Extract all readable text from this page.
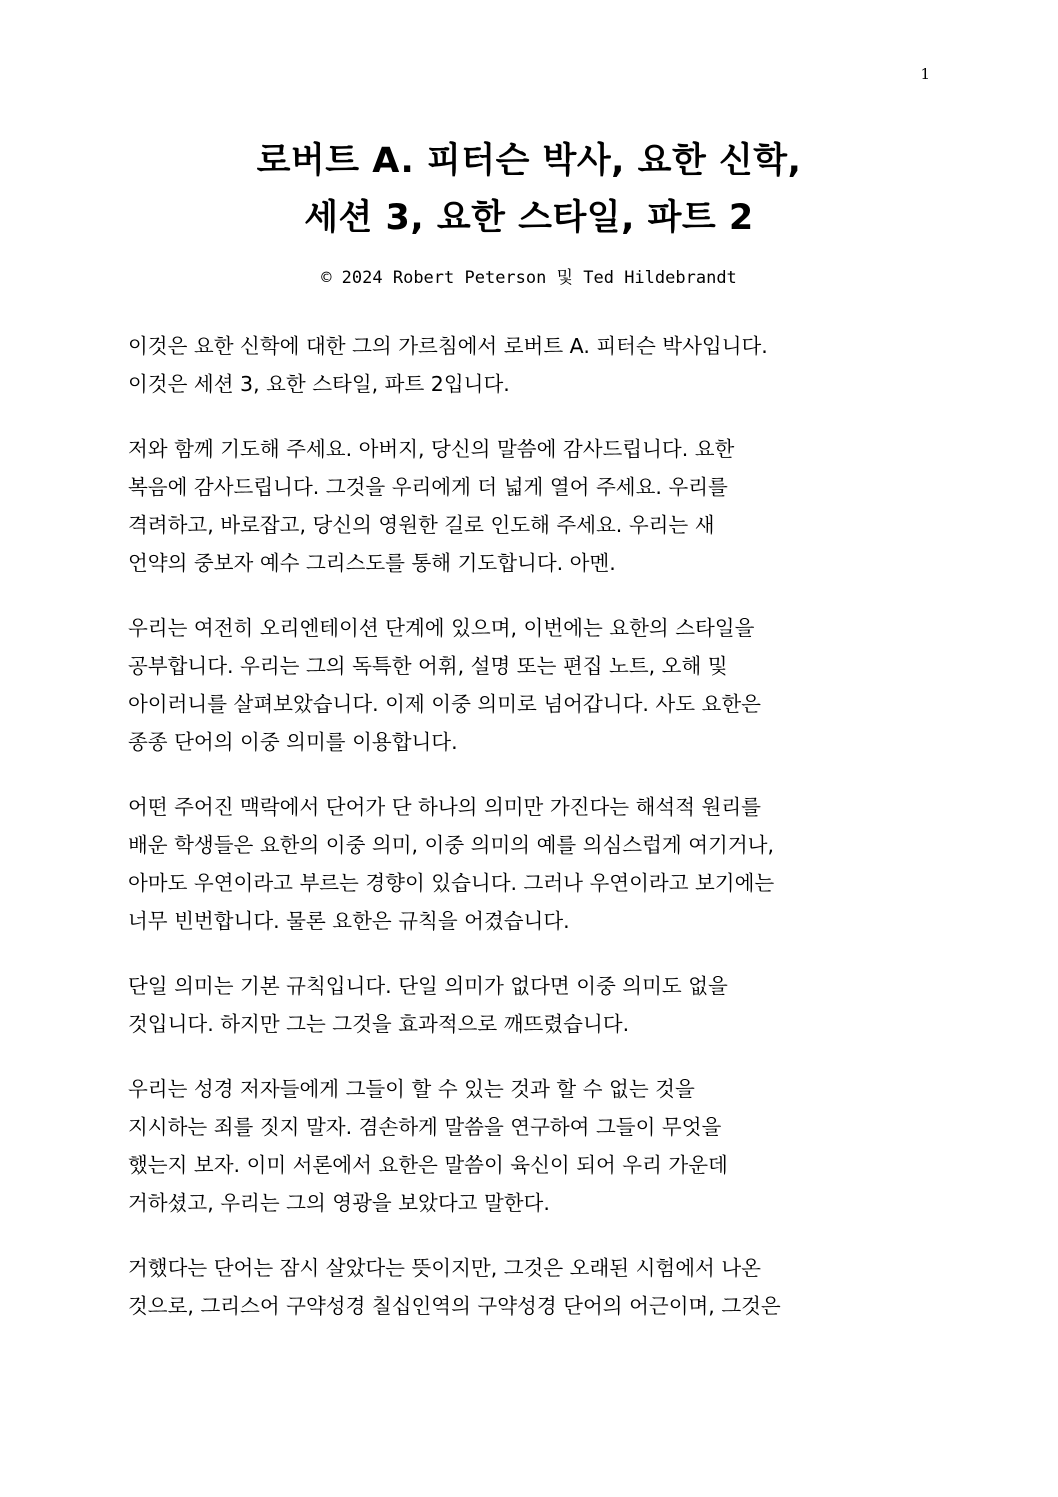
1
로버트 A. 피터슨 박사, 요한 신학,
세션 3, 요한 스타일, 파트 2
© 2024 Robert Peterson 및 Ted Hildebrandt

이것은 요한 신학에 대한 그의 가르침에서 로버트 A. 피터슨 박사입니다.
이것은 세션 3, 요한 스타일, 파트 2입니다.

저와 함께 기도해 주세요. 아버지, 당신의 말씀에 감사드립니다. 요한
복음에 감사드립니다. 그것을 우리에게 더 넓게 열어 주세요. 우리를
격려하고, 바로잡고, 당신의 영원한 길로 인도해 주세요. 우리는 새
언약의 중보자 예수 그리스도를 통해 기도합니다. 아멘.

우리는 여전히 오리엔테이션 단계에 있으며, 이번에는 요한의 스타일을
공부합니다. 우리는 그의 독특한 어휘, 설명 또는 편집 노트, 오해 및
아이러니를 살펴보았습니다. 이제 이중 의미로 넘어갑니다. 사도 요한은
종종 단어의 이중 의미를 이용합니다.

어떤 주어진 맥락에서 단어가 단 하나의 의미만 가진다는 해석적 원리를
배운 학생들은 요한의 이중 의미, 이중 의미의 예를 의심스럽게 여기거나,
아마도 우연이라고 부르는 경향이 있습니다. 그러나 우연이라고 보기에는
너무 빈번합니다. 물론 요한은 규칙을 어겼습니다.

단일 의미는 기본 규칙입니다. 단일 의미가 없다면 이중 의미도 없을
것입니다. 하지만 그는 그것을 효과적으로 깨뜨렸습니다.

우리는 성경 저자들에게 그들이 할 수 있는 것과 할 수 없는 것을
지시하는 죄를 짓지 말자. 겸손하게 말씀을 연구하여 그들이 무엇을
했는지 보자. 이미 서론에서 요한은 말씀이 육신이 되어 우리 가운데
거하셨고, 우리는 그의 영광을 보았다고 말한다.

거했다는 단어는 잠시 살았다는 뜻이지만, 그것은 오래된 시험에서 나온
것으로, 그리스어 구약성경 칠십인역의 구약성경 단어의 어근이며, 그것은
